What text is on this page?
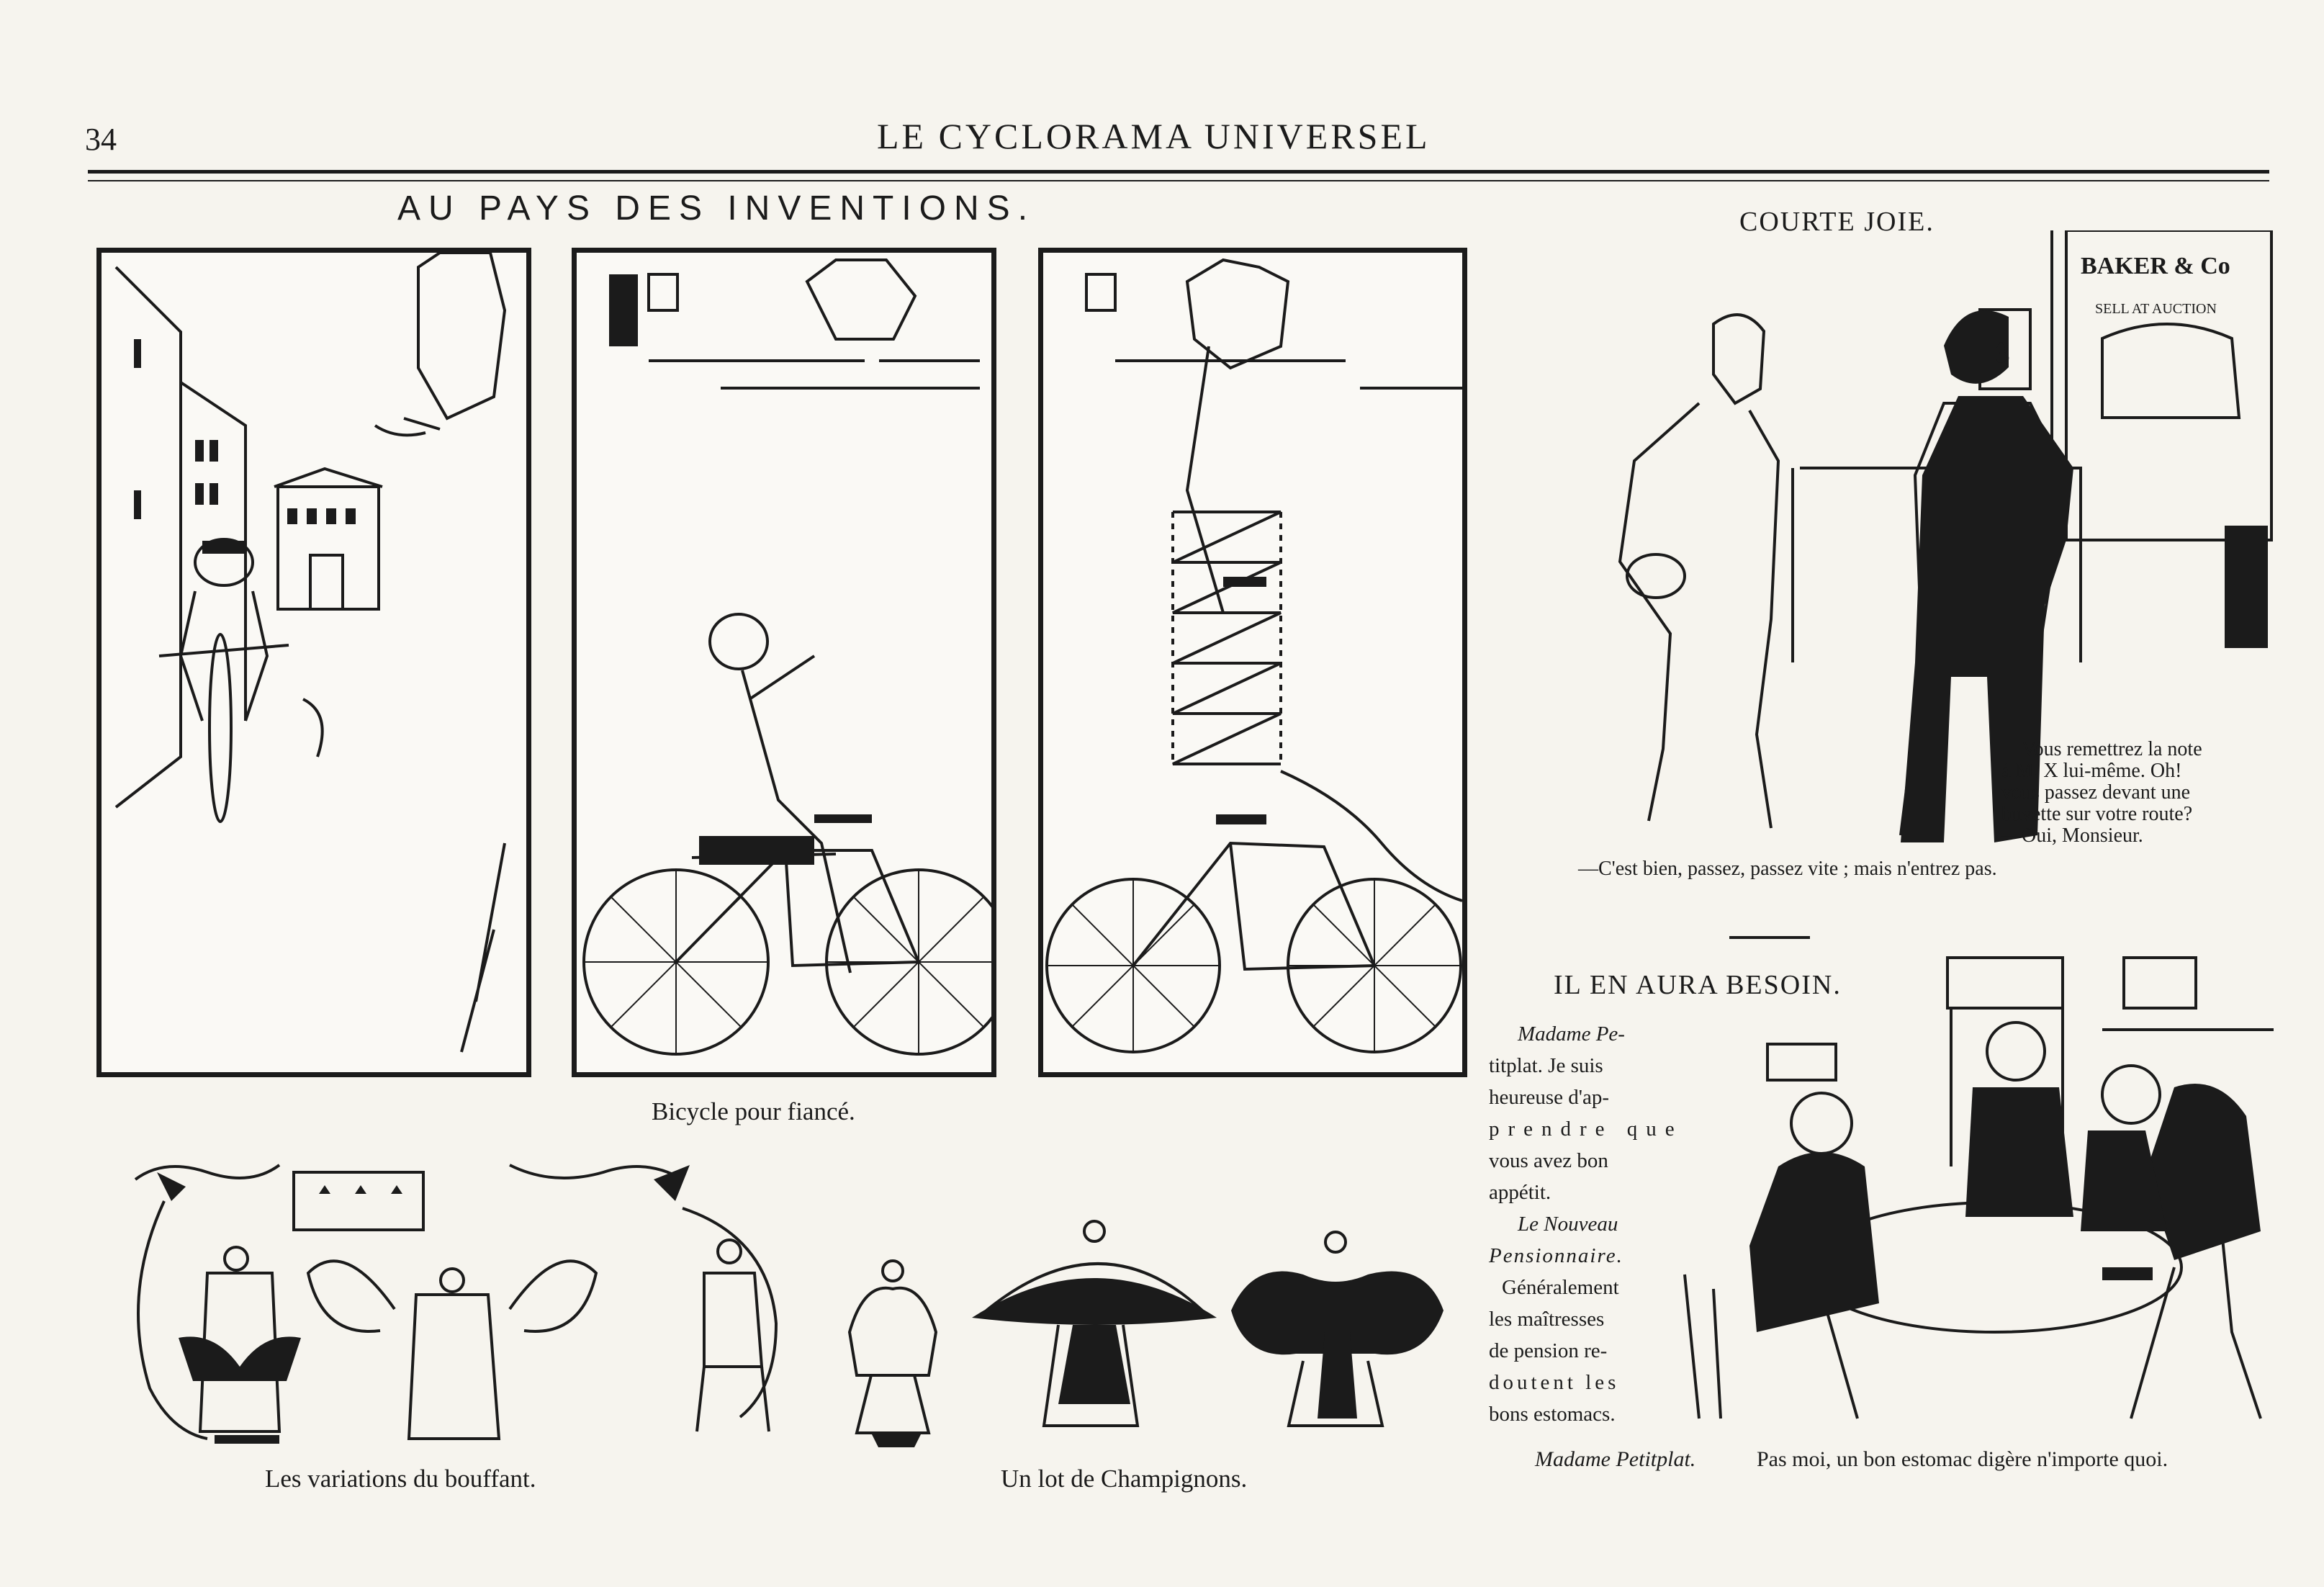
34	LE CYCLORAMA UNIVERSEL
AU PAYS DES INVENTIONS.
Bicycle pour fiancé.
COURTE JOIE.
BAKER & Co
SELL AT AUCTION
3
—Vous remettrez la note
à M. X lui-même. Oh!
vous passez devant une
buvette sur votre route?
—Oui, Monsieur.
—C'est bien, passez, passez vite ; mais n'entrez pas.
IL EN AURA BESOIN.
Madame Pe-
titplat. Je suis
heureuse d'ap-
prendre que
vous avez bon
appétit.
Le Nouveau
Pensionnaire.
Généralement
les maîtresses
de pension re-
doutent les
bons estomacs.
Madame Petitplat.	Pas moi, un bon estomac digère n'importe quoi.
Les variations du bouffant.	Un lot de Champignons.
